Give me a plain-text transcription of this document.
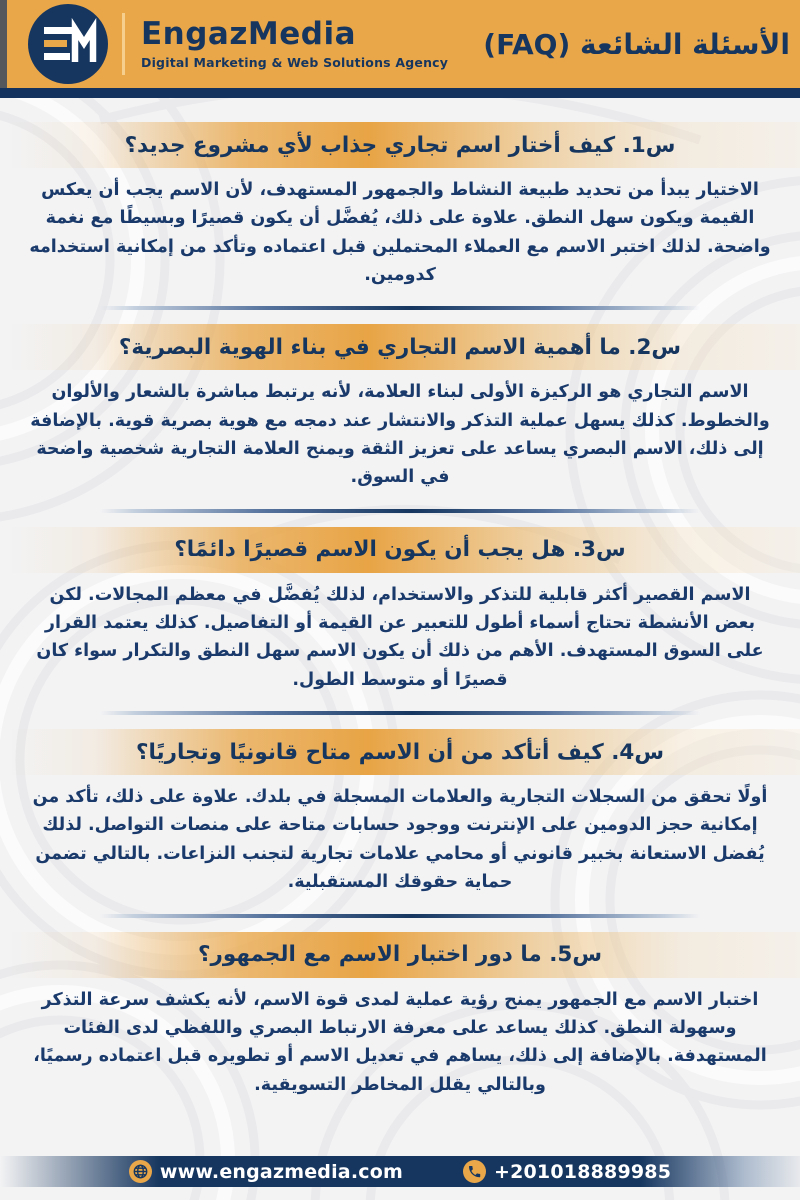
EngazMedia
Digital Marketing & Web Solutions Agency
الأسئلة الشائعة (FAQ)
س1. كيف أختار اسم تجاري جذاب لأي مشروع جديد؟

الاختيار يبدأ من تحديد طبيعة النشاط والجمهور المستهدف، لأن الاسم يجب أن يعكس القيمة ويكون سهل النطق. علاوة على ذلك، يُفضَّل أن يكون قصيرًا وبسيطًا مع نغمة واضحة. لذلك اختبر الاسم مع العملاء المحتملين قبل اعتماده وتأكد من إمكانية استخدامه كدومين.

س2. ما أهمية الاسم التجاري في بناء الهوية البصرية؟

الاسم التجاري هو الركيزة الأولى لبناء العلامة، لأنه يرتبط مباشرة بالشعار والألوان والخطوط. كذلك يسهل عملية التذكر والانتشار عند دمجه مع هوية بصرية قوية. بالإضافة إلى ذلك، الاسم البصري يساعد على تعزيز الثقة ويمنح العلامة التجارية شخصية واضحة في السوق.

س3. هل يجب أن يكون الاسم قصيرًا دائمًا؟

الاسم القصير أكثر قابلية للتذكر والاستخدام، لذلك يُفضَّل في معظم المجالات. لكن بعض الأنشطة تحتاج أسماء أطول للتعبير عن القيمة أو التفاصيل. كذلك يعتمد القرار على السوق المستهدف. الأهم من ذلك أن يكون الاسم سهل النطق والتكرار سواء كان قصيرًا أو متوسط الطول.

س4. كيف أتأكد من أن الاسم متاح قانونيًا وتجاريًا؟

أولًا تحقق من السجلات التجارية والعلامات المسجلة في بلدك. علاوة على ذلك، تأكد من إمكانية حجز الدومين على الإنترنت ووجود حسابات متاحة على منصات التواصل. لذلك يُفضل الاستعانة بخبير قانوني أو محامي علامات تجارية لتجنب النزاعات. بالتالي تضمن حماية حقوقك المستقبلية.

س5. ما دور اختبار الاسم مع الجمهور؟

اختبار الاسم مع الجمهور يمنح رؤية عملية لمدى قوة الاسم، لأنه يكشف سرعة التذكر وسهولة النطق. كذلك يساعد على معرفة الارتباط البصري واللفظي لدى الفئات المستهدفة. بالإضافة إلى ذلك، يساهم في تعديل الاسم أو تطويره قبل اعتماده رسميًا، وبالتالي يقلل المخاطر التسويقية.

www.engazmedia.com	+201018889985
